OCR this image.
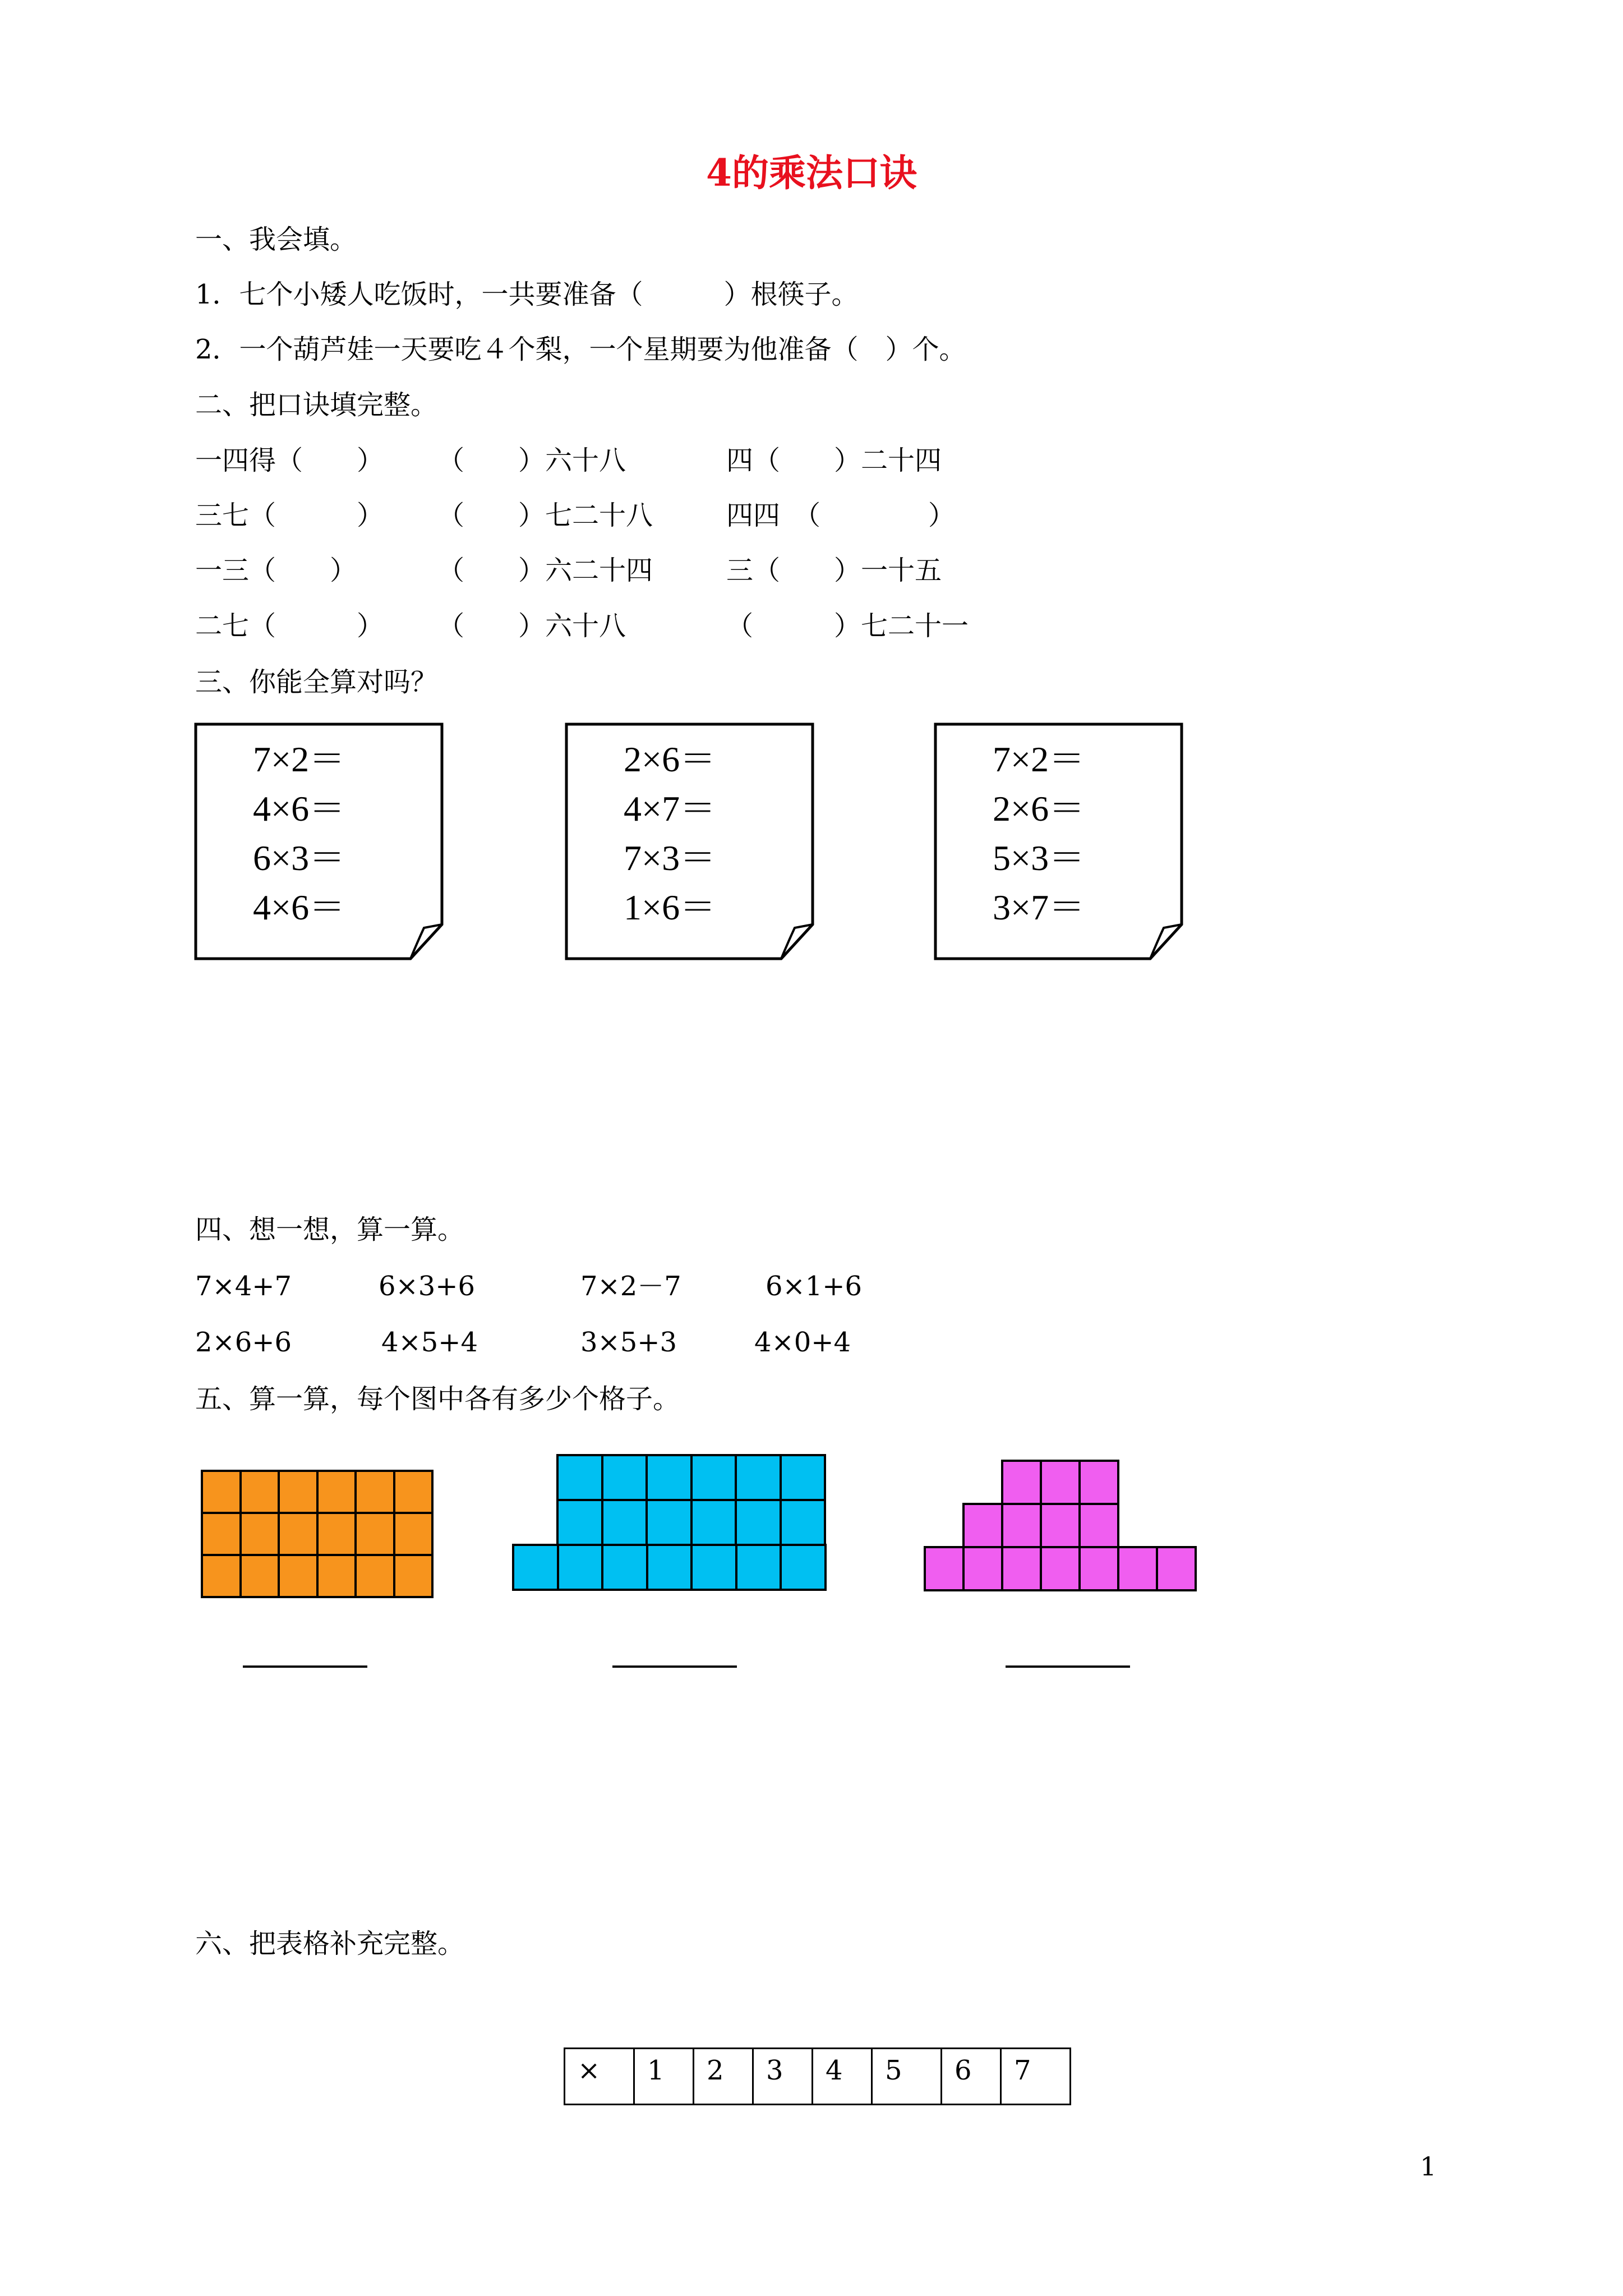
4的乘法口诀
一、我会填。
1．七个小矮人吃饭时，一共要准备（　　　）根筷子。
2．一个葫芦娃一天要吃４个梨，一个星期要为他准备（　）个。
二、把口诀填完整。
一四得（　　） （　　）六十八	四（　　）二十四
三七（　　　） （　　）七二十八	四四　（　　　　）
一三（　　）	（　　）六二十四	三（　　）一十五
二七（　　　） （　　）六十八	（　　　）七二十一
三、你能全算对吗？
7×2＝
4×6＝
6×3＝
4×6＝
2×6＝
4×7＝
7×3＝
1×6＝
7×2＝
2×6＝
5×3＝
3×7＝
四、想一想，算一算。
7×4+7	6×3+6	7×2－7	6×1+6
2×6+6	4×5+4	3×5+3	4×0+4
五、算一算，每个图中各有多少个格子。
六、把表格补充完整。
×	1	2	3	4	5	6	7
1
